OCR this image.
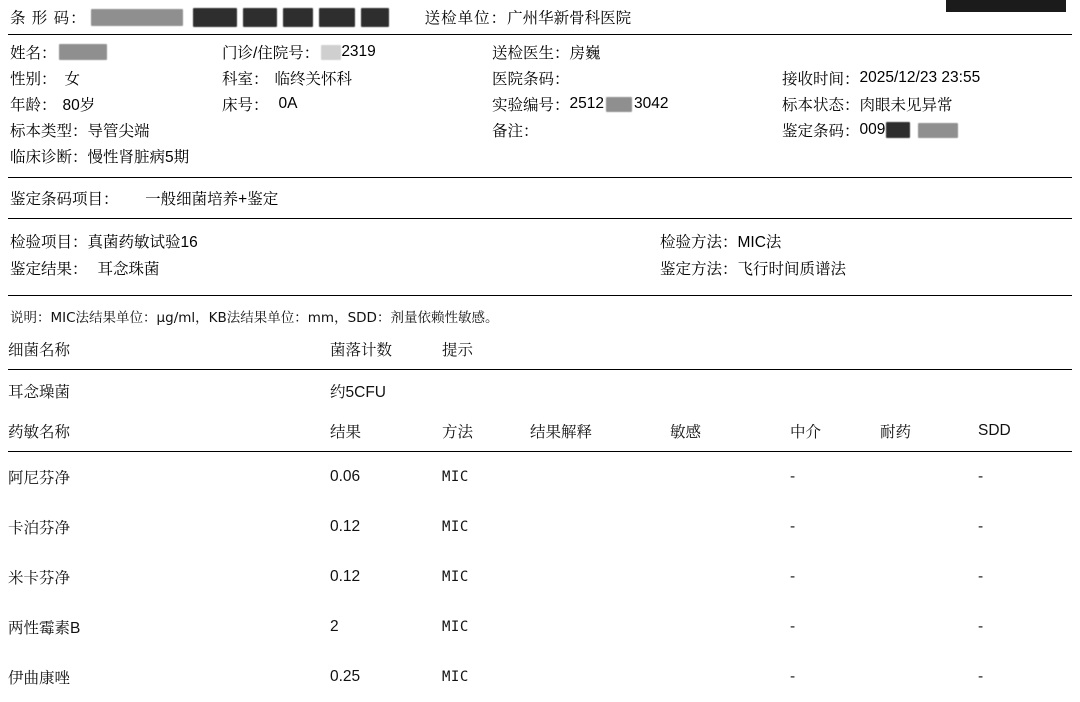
条 形 码：	送检单位： 广州华新骨科医院
姓名：	门诊/住院号： 2319	送检医生： 房巍
性别： 女	科室： 临终关怀科	医院条码：	接收时间： 2025/12/23 23:55
年龄： 80岁	床号： 0A	实验编号： 2512 3042	标本状态： 肉眼未见异常
标本类型： 导管尖端	备注：	鉴定条码： 009
临床诊断： 慢性肾脏病5期
鉴定条码项目： 一般细菌培养+鉴定
检验项目： 真菌药敏试验16
鉴定结果： 耳念珠菌
检验方法： MIC法
鉴定方法： 飞行时间质谱法
说明：MIC法结果单位：μg/ml，KB法结果单位：mm，SDD：剂量依赖性敏感。
细菌名称	菌落计数	提示
耳念璪菌	约5CFU	
药敏名称	结果	方法	结果解释	敏感	中介	耐药	SDD
阿尼芬净	0.06	MIC			-		-
卡泊芬净	0.12	MIC			-		-
米卡芬净	0.12	MIC			-		-
两性霉素B	2	MIC			-		-
伊曲康唑	0.25	MIC			-		-
